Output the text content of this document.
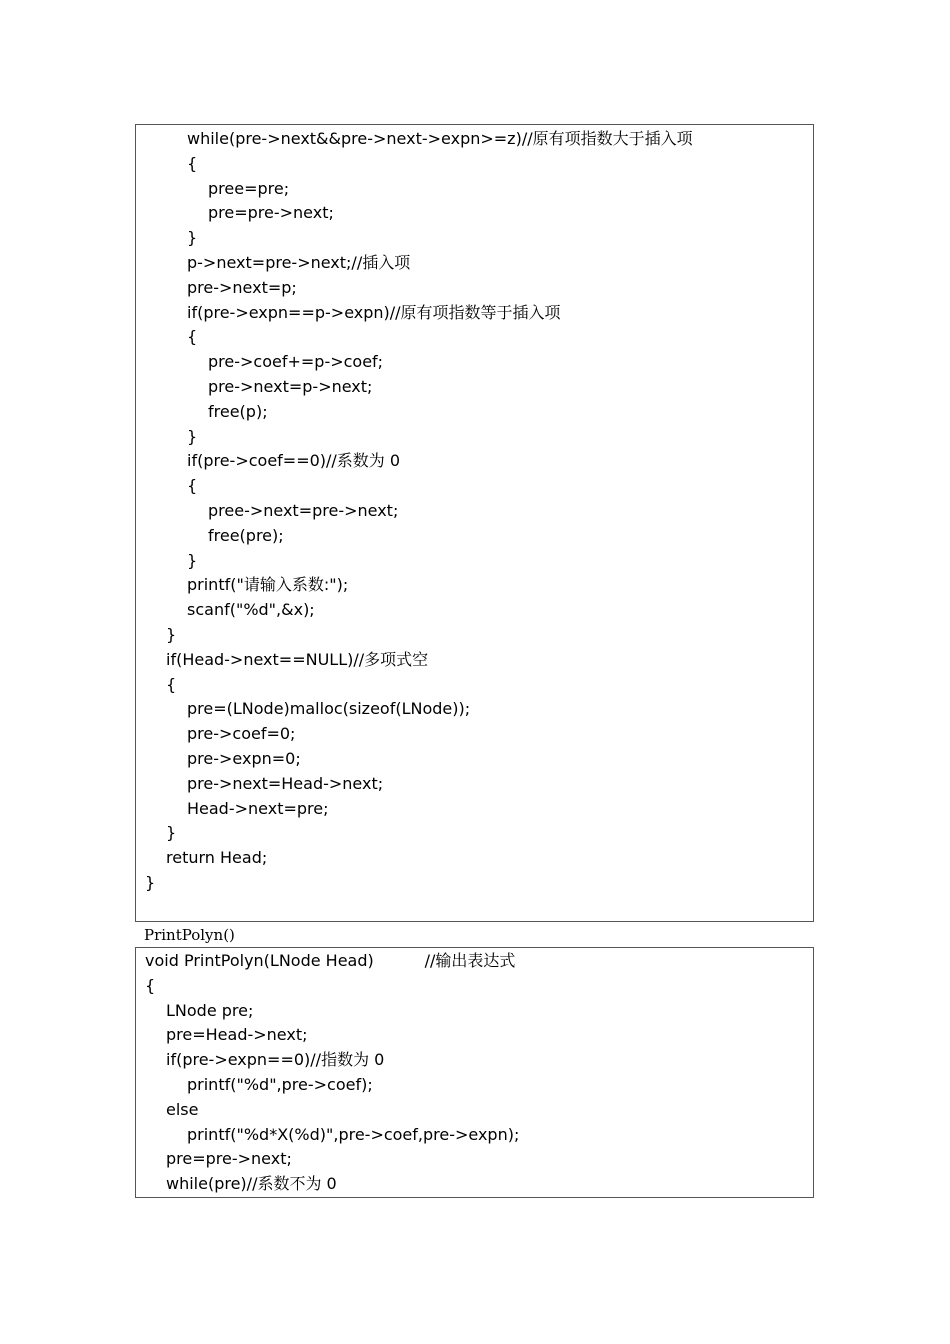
while(pre->next&&pre->next->expn>=z)//原有项指数大于插入项
{
pree=pre;
pre=pre->next;
}
p->next=pre->next;//插入项
pre->next=p;
if(pre->expn==p->expn)//原有项指数等于插入项
{
pre->coef+=p->coef;
pre->next=p->next;
free(p);
}
if(pre->coef==0)//系数为 0
{
pree->next=pre->next;
free(pre);
}
printf("请输入系数:");
scanf("%d",&x);
}
if(Head->next==NULL)//多项式空
{
pre=(LNode)malloc(sizeof(LNode));
pre->coef=0;
pre->expn=0;
pre->next=Head->next;
Head->next=pre;
}
return Head;
}
PrintPolyn()
void PrintPolyn(LNode Head)          //输出表达式
{
LNode pre;
pre=Head->next;
if(pre->expn==0)//指数为 0
printf("%d",pre->coef);
else
printf("%d*X(%d)",pre->coef,pre->expn);
pre=pre->next;
while(pre)//系数不为 0
